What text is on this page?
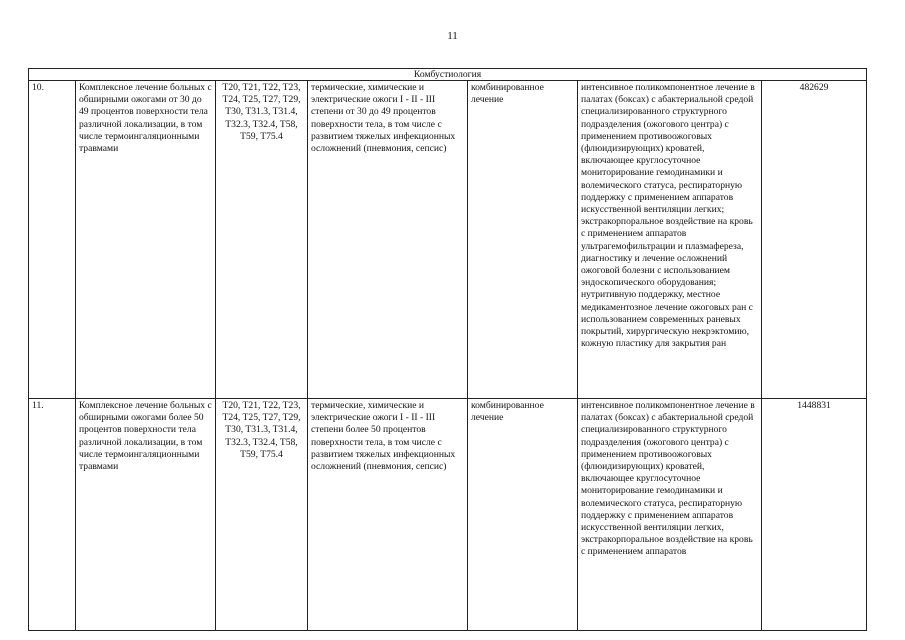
11
Комбустиология						
10.	Комплексное лечение больных с обширными ожогами от 30 до 49 процентов поверхности тела различной локализации, в том числе термоингаляционными травмами	T20, T21, T22, T23, T24, T25, T27, T29, T30, T31.3, T31.4, T32.3, T32.4, T58, T59, T75.4	термические, химические и электрические ожоги I - II - III степени от 30 до 49 процентов поверхности тела, в том числе с развитием тяжелых инфекционных осложнений (пневмония, сепсис)	комбинированное лечение	интенсивное поликомпонентное лечение в палатах (боксах) с абактериальной средой специализированного структурного подразделения (ожогового центра) с применением противоожоговых (флюидизирующих) кроватей, включающее круглосуточное мониторирование гемодинамики и волемического статуса, респираторную поддержку с применением аппаратов искусственной вентиляции легких; экстракорпоральное воздействие на кровь с применением аппаратов ультрагемофильтрации и плазмафереза, диагностику и лечение осложнений ожоговой болезни с использованием эндоскопического оборудования; нутритивную поддержку, местное медикаментозное лечение ожоговых ран с использованием современных раневых покрытий, хирургическую некрэктомию, кожную пластику для закрытия ран	482629
11.	Комплексное лечение больных с обширными ожогами более 50 процентов поверхности тела различной локализации, в том числе термоингаляционными травмами	T20, T21, T22, T23, T24, T25, T27, T29, T30, T31.3, T31.4, T32.3, T32.4, T58, T59, T75.4	термические, химические и электрические ожоги I - II - III степени более 50 процентов поверхности тела, в том числе с развитием тяжелых инфекционных осложнений (пневмония, сепсис)	комбинированное лечение	интенсивное поликомпонентное лечение в палатах (боксах) с абактериальной средой специализированного структурного подразделения (ожогового центра) с применением противоожоговых (флюидизирующих) кроватей, включающее круглосуточное мониторирование гемодинамики и волемического статуса, респираторную поддержку с применением аппаратов искусственной вентиляции легких, экстракорпоральное воздействие на кровь с применением аппаратов	1448831
